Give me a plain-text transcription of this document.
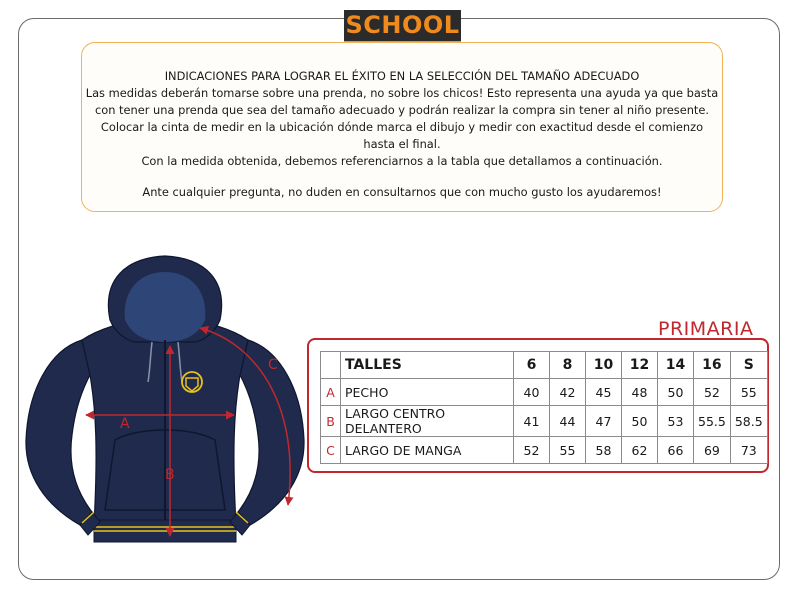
SCHOOL

INDICACIONES PARA LOGRAR EL ÉXITO EN LA SELECCIÓN DEL TAMAÑO ADECUADO

Las medidas deberán tomarse sobre una prenda, no sobre los chicos! Esto representa una ayuda ya que basta

con tener una prenda que sea del tamaño adecuado y podrán realizar la compra sin tener al niño presente.

Colocar la cinta de medir en la ubicación dónde marca el dibujo y medir con exactitud desde el comienzo

hasta el final.

Con la medida obtenida, debemos referenciarnos a la tabla que detallamos a continuación.

Ante cualquier pregunta, no duden en consultarnos que con mucho gusto los ayudaremos!

A
B
C
PRIMARIA
	TALLES	6	8	10	12	14	16	S
A	PECHO	40	42	45	48	50	52	55
B	LARGO CENTRO DELANTERO	41	44	47	50	53	55.5	58.5
C	LARGO DE MANGA	52	55	58	62	66	69	73
